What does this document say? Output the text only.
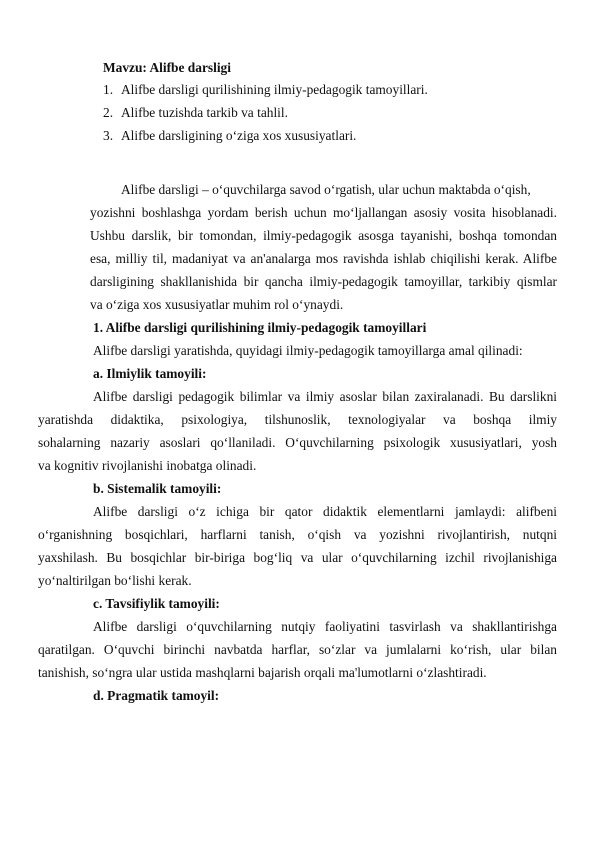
Mavzu: Alifbe darsligi
1. Alifbe darsligi qurilishining ilmiy-pedagogik tamoyillari.
2. Alifbe tuzishda tarkib va tahlil.
3. Alifbe darsligining o‘ziga xos xususiyatlari.
Alifbe darsligi – o‘quvchilarga savod o‘rgatish, ular uchun maktabda o‘qish,
yozishni boshlashga yordam berish uchun mo‘ljallangan asosiy vosita hisoblanadi.
Ushbu darslik, bir tomondan, ilmiy-pedagogik asosga tayanishi, boshqa tomondan
esa, milliy til, madaniyat va an'analarga mos ravishda ishlab chiqilishi kerak. Alifbe
darsligining shakllanishida bir qancha ilmiy-pedagogik tamoyillar, tarkibiy qismlar
va o‘ziga xos xususiyatlar muhim rol o‘ynaydi.
1. Alifbe darsligi qurilishining ilmiy-pedagogik tamoyillari
Alifbe darsligi yaratishda, quyidagi ilmiy-pedagogik tamoyillarga amal qilinadi:
a. Ilmiylik tamoyili:
Alifbe darsligi pedagogik bilimlar va ilmiy asoslar bilan zaxiralanadi. Bu darslikni
yaratishda didaktika, psixologiya, tilshunoslik, texnologiyalar va boshqa ilmiy
sohalarning nazariy asoslari qo‘llaniladi. O‘quvchilarning psixologik xususiyatlari, yosh
va kognitiv rivojlanishi inobatga olinadi.
b. Sistemalik tamoyili:
Alifbe darsligi o‘z ichiga bir qator didaktik elementlarni jamlaydi: alifbeni
o‘rganishning bosqichlari, harflarni tanish, o‘qish va yozishni rivojlantirish, nutqni
yaxshilash. Bu bosqichlar bir-biriga bog‘liq va ular o‘quvchilarning izchil rivojlanishiga
yo‘naltirilgan bo‘lishi kerak.
c. Tavsifiylik tamoyili:
Alifbe darsligi o‘quvchilarning nutqiy faoliyatini tasvirlash va shakllantirishga
qaratilgan. O‘quvchi birinchi navbatda harflar, so‘zlar va jumlalarni ko‘rish, ular bilan
tanishish, so‘ngra ular ustida mashqlarni bajarish orqali ma'lumotlarni o‘zlashtiradi.
d. Pragmatik tamoyil:
